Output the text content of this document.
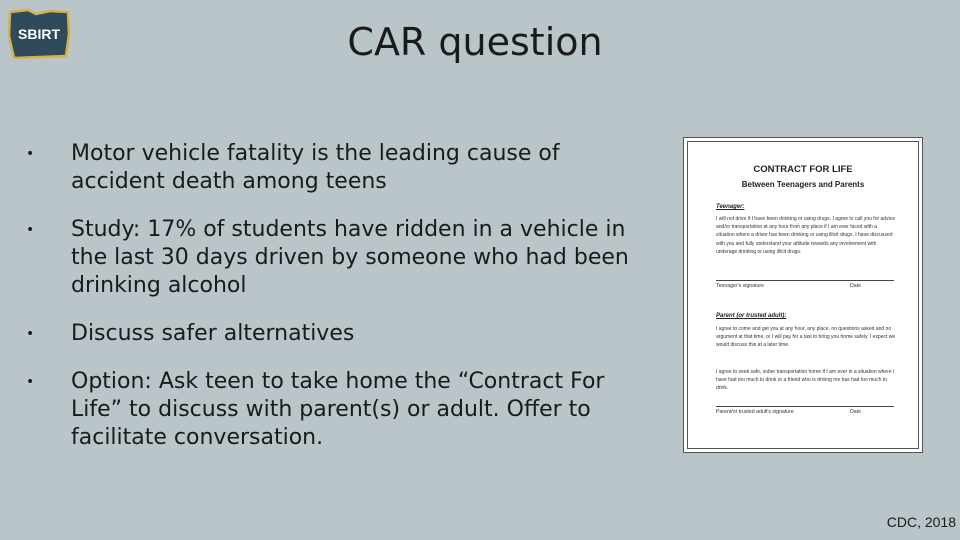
SBIRT	CAR question
• Motor vehicle fatality is the leading cause of accident death among teens
• Study: 17% of students have ridden in a vehicle in the last 30 days driven by someone who had been drinking alcohol
• Discuss safer alternatives
• Option: Ask teen to take home the “Contract For Life” to discuss with parent(s) or adult. Offer to facilitate conversation.
CONTRACT FOR LIFE
Between Teenagers and Parents
Teenager:
I will not drive if I have been drinking or using drugs. I agree to call you for advice and/or transportation at any hour from any place if I am ever faced with a situation where a driver has been drinking or using illicit drugs. I have discussed with you and fully understand your attitude towards any involvement with underage drinking or using illicit drugs.
Teenager's signature	Date
Parent (or trusted adult):
I agree to come and get you at any hour, any place, no questions asked and no argument at that time, or I will pay for a taxi to bring you home safely. I expect we would discuss this at a later time.
I agree to seek safe, sober transportation home if I am ever in a situation where I have had too much to drink or a friend who is driving me has had too much to drink.
Parent/or trusted adult's signature	Date
CDC, 2018
